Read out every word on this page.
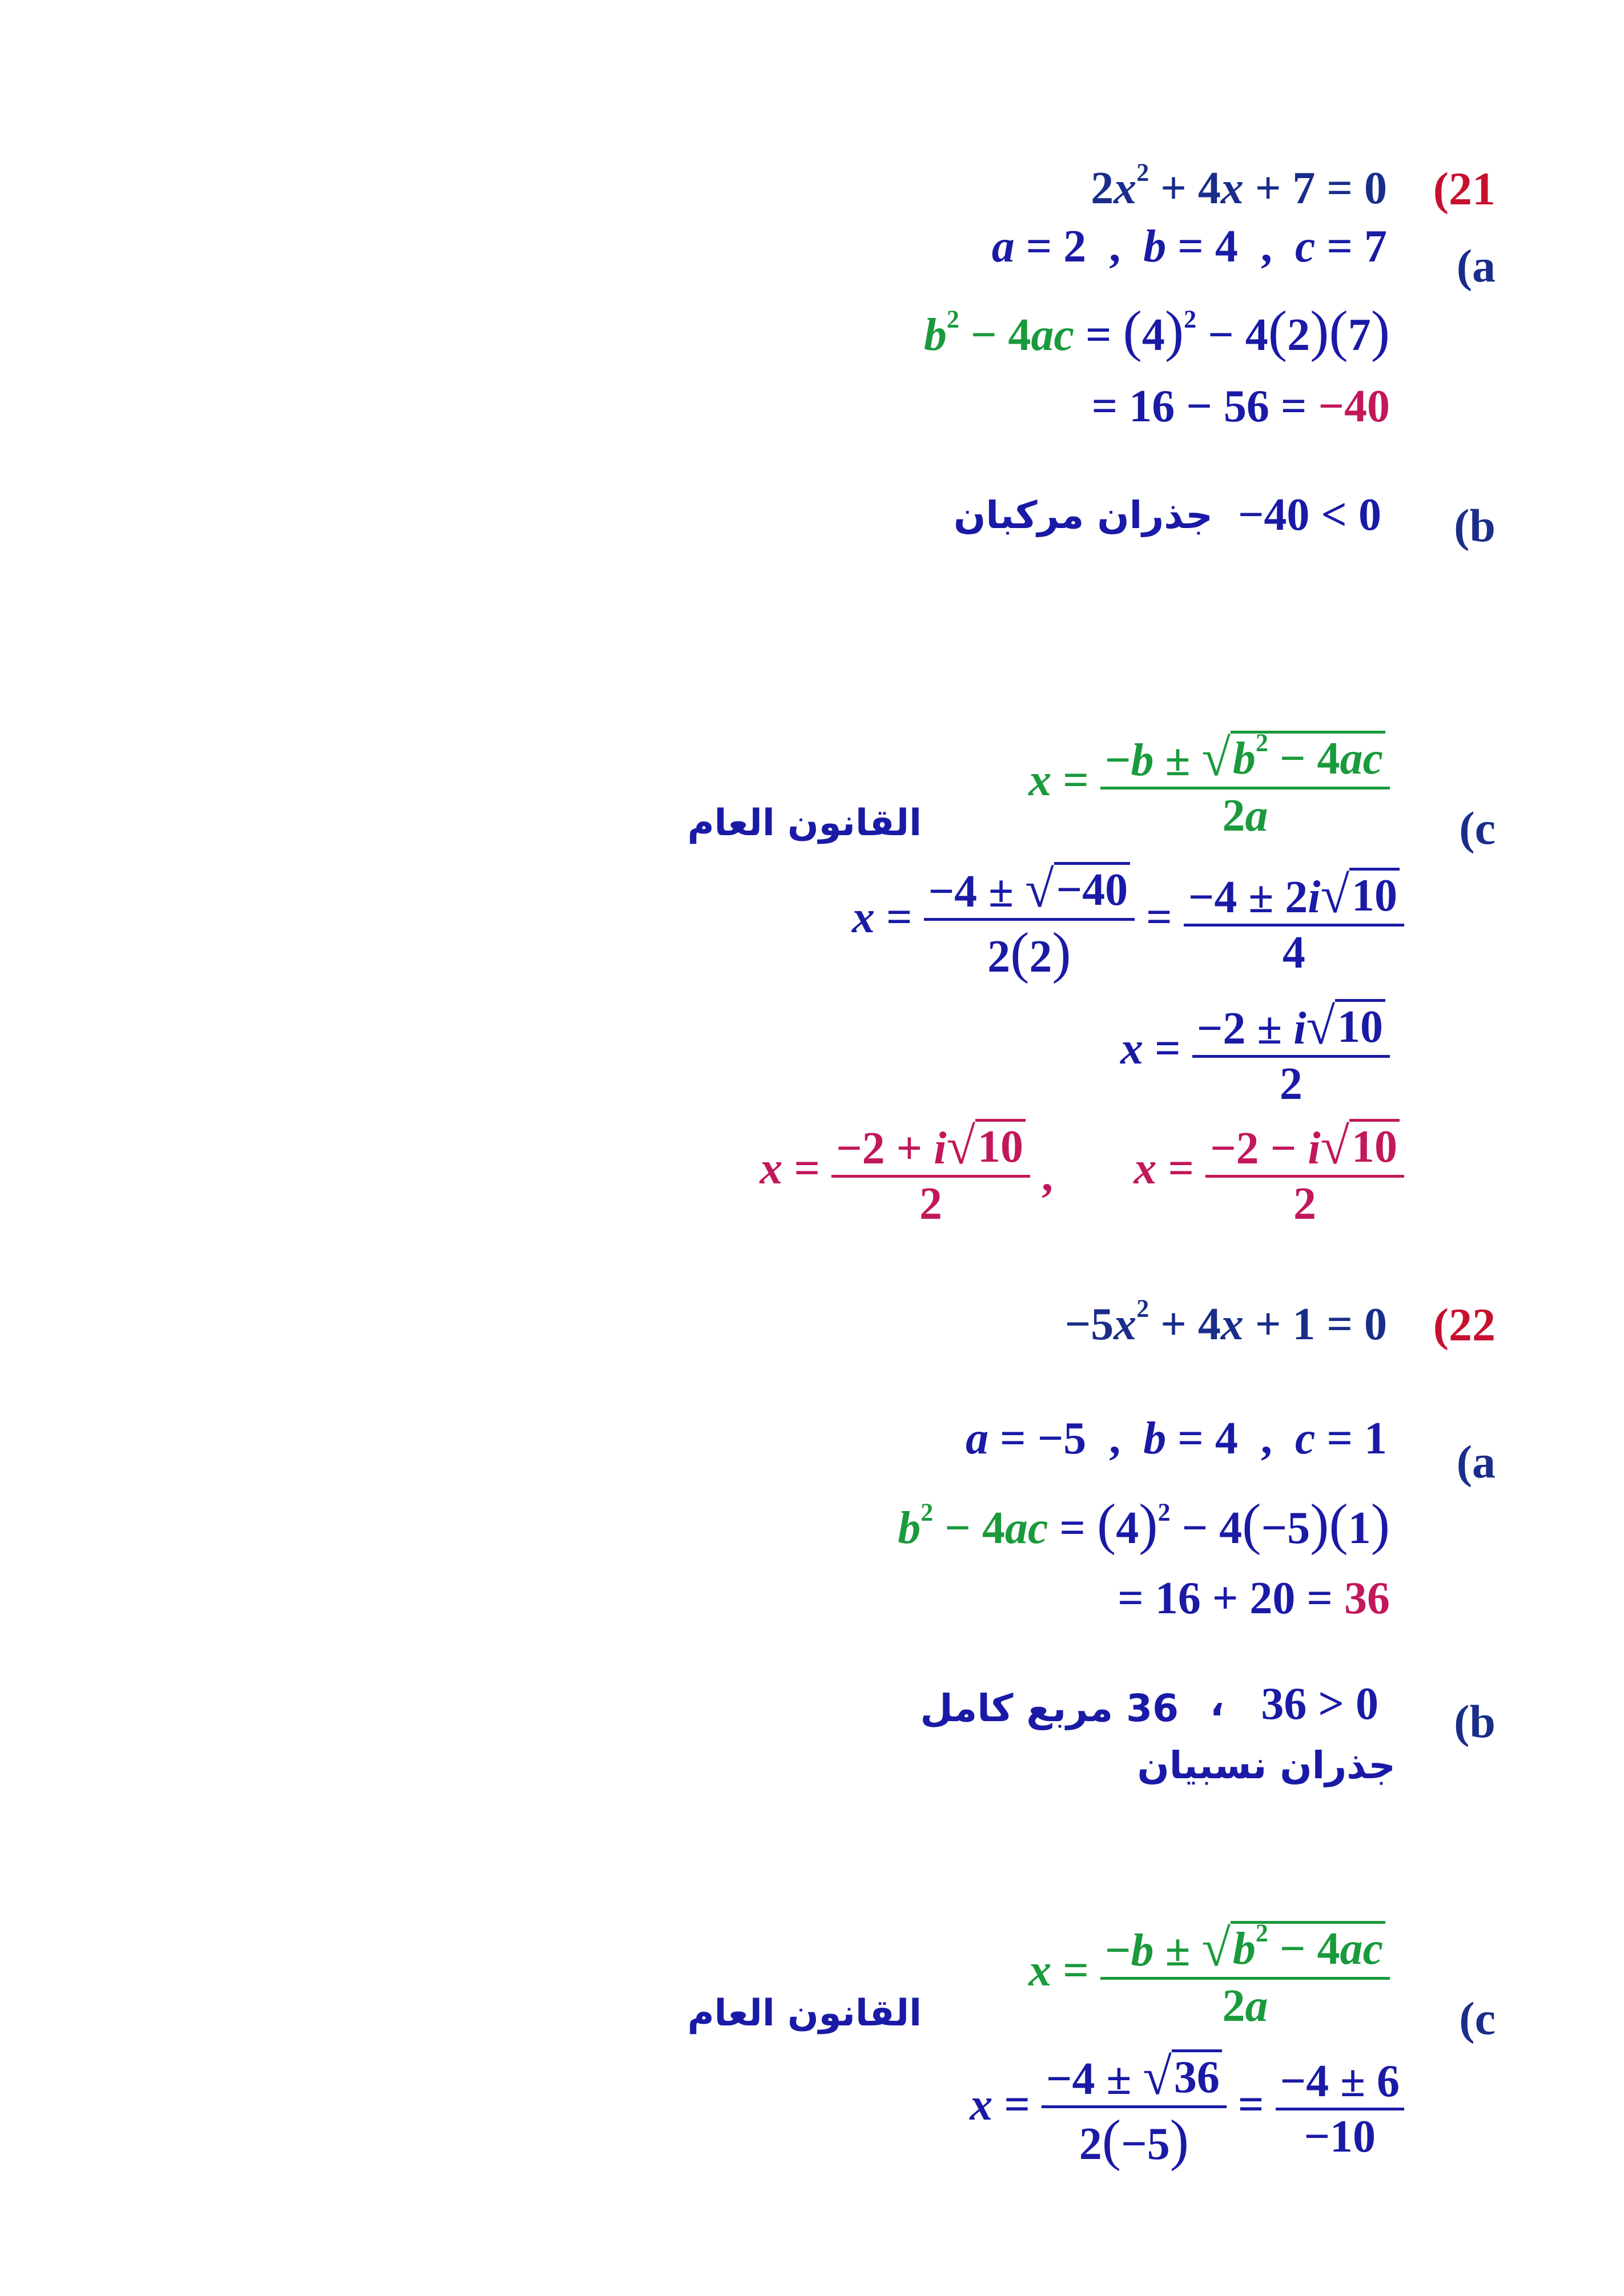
(21
$2x^2 + 4x + 7 = 0$
(a
a = 2  ,  b = 4  ,  c = 7
$b^2 - 4ac = (4)^2 - 4(2)(7)$
= 16 − 56 = −40
(b
−40 < 0
جذران مركبان
(c
القانون العام
$x = \frac{-b \pm √ b^2 - 4ac}{2a}$
$x = \frac{-4 \pm √ -40}{2(2)} = \frac{-4 \pm 2i √ 10}{4}$
$x = \frac{-2 \pm i √ 10}{2}$
$x = \frac{-2 + i √ 10}{2}$ , $x = \frac{-2 - i √ 10}{2}$
(22
$-5x^2 + 4x + 1 = 0$
(a
a = −5  ,  b = 4  ,  c = 1
$b^2 - 4ac = (4)^2 - 4(-5)(1)$
= 16 + 20 = 36
(b
36 > 0
،
36 مربع كامل
جذران نسبيان
(c
القانون العام
$x = \frac{-b \pm √ b^2 - 4ac}{2a}$
$x = \frac{-4 \pm √ 36}{2(-5)} = \frac{-4 \pm 6}{-10}$
